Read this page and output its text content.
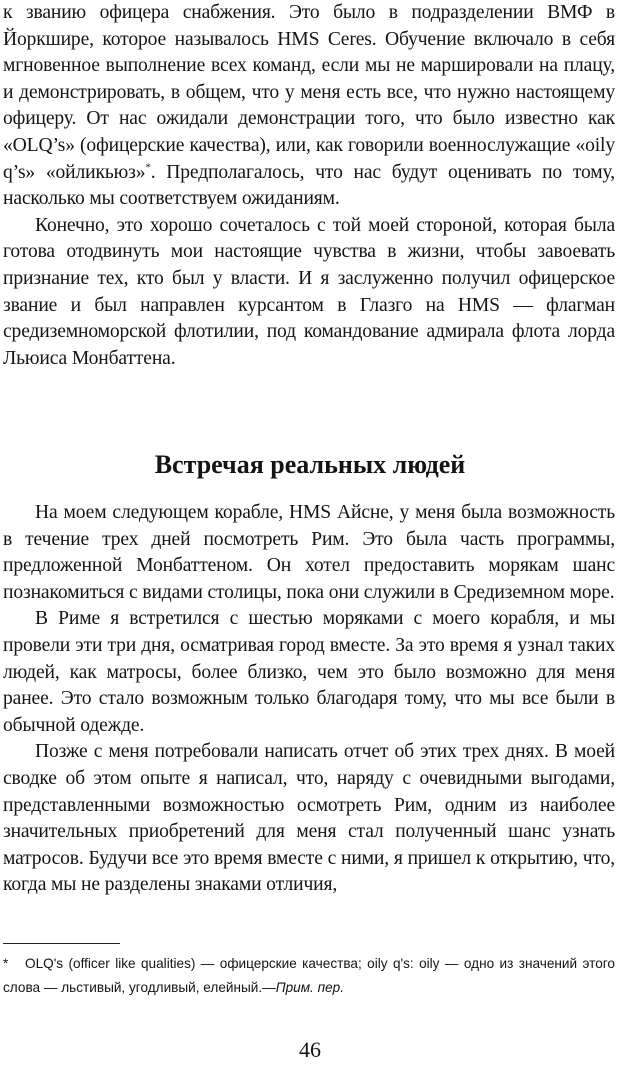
к званию офицера снабжения. Это было в подразделении ВМФ в Йоркшире, которое называлось HMS Ceres. Обучение включало в себя мгновенное выполнение всех команд, если мы не маршировали на плацу, и демонстрировать, в общем, что у меня есть все, что нужно настоящему офицеру. От нас ожидали демонстрации того, что было известно как «OLQ’s» (офицерские качества), или, как говорили военнослужащие «oily q’s» «ойликьюз»*. Предполагалось, что нас будут оценивать по тому, насколько мы соответствуем ожиданиям.

Конечно, это хорошо сочеталось с той моей стороной, которая была готова отодвинуть мои настоящие чувства в жизни, чтобы завоевать признание тех, кто был у власти. И я заслуженно получил офицерское звание и был направлен курсантом в Глазго на HMS — флагман средиземноморской флотилии, под командование адмирала флота лорда Льюиса Монбаттена.

Встречая реальных людей

На моем следующем корабле, HMS Айсне, у меня была возможность в течение трех дней посмотреть Рим. Это была часть программы, предложенной Монбаттеном. Он хотел предоставить морякам шанс познакомиться с видами столицы, пока они служили в Средиземном море.

В Риме я встретился с шестью моряками с моего корабля, и мы провели эти три дня, осматривая город вместе. За это время я узнал таких людей, как матросы, более близко, чем это было возможно для меня ранее. Это стало возможным только благодаря тому, что мы все были в обычной одежде.

Позже с меня потребовали написать отчет об этих трех днях. В моей сводке об этом опыте я написал, что, наряду с очевидными выгодами, представленными возможностью осмотреть Рим, одним из наиболее значительных приобретений для меня стал полученный шанс узнать матросов. Будучи все это время вместе с ними, я пришел к открытию, что, когда мы не разделены знаками отличия,

* OLQ's (officer like qualities) — офицерские качества; oily q's: oily — одно из значений этого слова — льстивый, угодливый, елейный.—Прим. пер.
46
